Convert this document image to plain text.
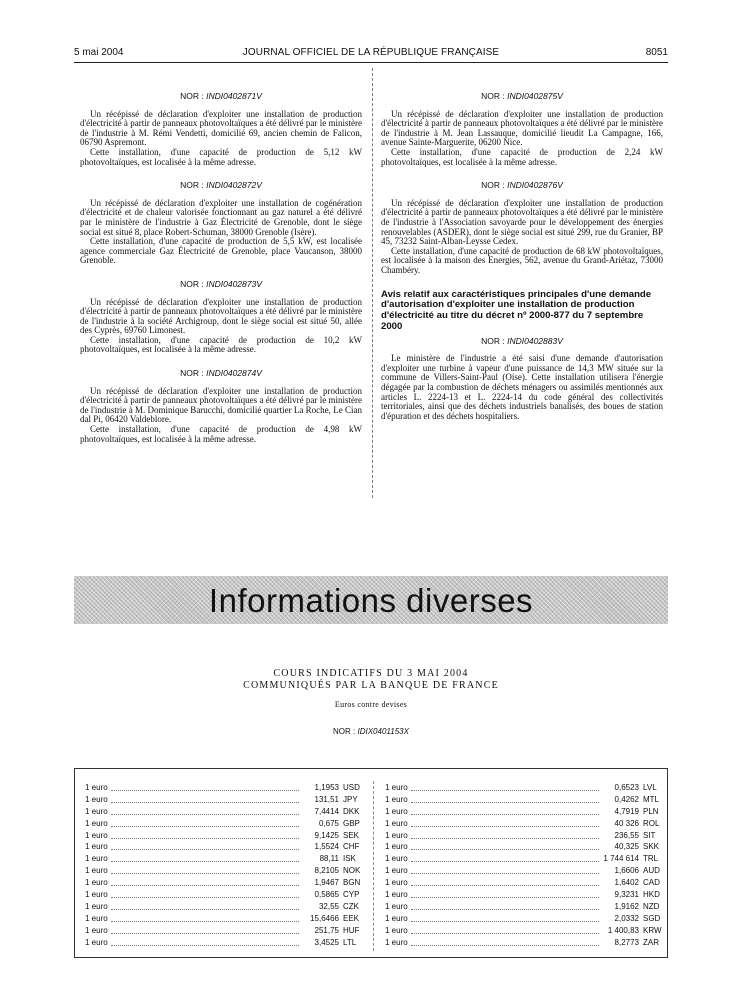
5 mai 2004	JOURNAL OFFICIEL DE LA RÉPUBLIQUE FRANÇAISE	8051
NOR : INDI0402871V

Un récépissé de déclaration d'exploiter une installation de production d'électricité à partir de panneaux photovoltaïques a été délivré par le ministère de l'industrie à M. Rémi Vendetti, domicilié 69, ancien chemin de Falicon, 06790 Aspremont.

Cette installation, d'une capacité de production de 5,12 kW photovoltaïques, est localisée à la même adresse.

NOR : INDI0402872V

Un récépissé de déclaration d'exploiter une installation de cogénération d'électricité et de chaleur valorisée fonctionnant au gaz naturel a été délivré par le ministère de l'industrie à Gaz Électricité de Grenoble, dont le siège social est situé 8, place Robert-Schuman, 38000 Grenoble (Isère).

Cette installation, d'une capacité de production de 5,5 kW, est localisée agence commerciale Gaz Électricité de Grenoble, place Vaucanson, 38000 Grenoble.

NOR : INDI0402873V

Un récépissé de déclaration d'exploiter une installation de production d'électricité à partir de panneaux photovoltaïques a été délivré par le ministère de l'industrie à la société Archigroup, dont le siège social est situé 50, allée des Cyprès, 69760 Limonest.

Cette installation, d'une capacité de production de 10,2 kW photovoltaïques, est localisée à la même adresse.

NOR : INDI0402874V

Un récépissé de déclaration d'exploiter une installation de production d'électricité à partir de panneaux photovoltaïques a été délivré par le ministère de l'industrie à M. Dominique Barucchi, domicilié quartier La Roche, Le Cian dal Pi, 06420 Valdeblore.

Cette installation, d'une capacité de production de 4,98 kW photovoltaïques, est localisée à la même adresse.

NOR : INDI0402875V

Un récépissé de déclaration d'exploiter une installation de production d'électricité à partir de panneaux photovoltaïques a été délivré par le ministère de l'industrie à M. Jean Lassauque, domicilié lieudit La Campagne, 166, avenue Sainte-Marguerite, 06200 Nice.

Cette installation, d'une capacité de production de 2,24 kW photovoltaïques, est localisée à la même adresse.

NOR : INDI0402876V

Un récépissé de déclaration d'exploiter une installation de production d'électricité à partir de panneaux photovoltaïques a été délivré par le ministère de l'industrie à l'Association savoyarde pour le développement des énergies renouvelables (ASDER), dont le siège social est situé 299, rue du Granier, BP 45, 73232 Saint-Alban-Leysse Cedex.

Cette installation, d'une capacité de production de 68 kW photovoltaïques, est localisée à la maison des Energies, 562, avenue du Grand-Ariétaz, 73000 Chambéry.

Avis relatif aux caractéristiques principales d'une demande d'autorisation d'exploiter une installation de production d'électricité au titre du décret nº 2000-877 du 7 septembre 2000

NOR : INDI0402883V

Le ministère de l'industrie a été saisi d'une demande d'autorisation d'exploiter une turbine à vapeur d'une puissance de 14,3 MW située sur la commune de Villers-Saint-Paul (Oise). Cette installation utilisera l'énergie dégagée par la combustion de déchets ménagers ou assimilés mentionnés aux articles L. 2224-13 et L. 2224-14 du code général des collectivités territoriales, ainsi que des déchets industriels banalisés, des boues de station d'épuration et des déchets hospitaliers.

Informations diverses
COURS INDICATIFS DU 3 MAI 2004
COMMUNIQUÉS PAR LA BANQUE DE FRANCE
Euros contre devises
NOR : IDIX0401153X
1 euro	1,1953 USD
1 euro	131,51 JPY
1 euro	7,4414 DKK
1 euro	0,675 GBP
1 euro	9,1425 SEK
1 euro	1,5524 CHF
1 euro	88,11 ISK
1 euro	8,2105 NOK
1 euro	1,9467 BGN
1 euro	0,5865 CYP
1 euro	32,55 CZK
1 euro	15,6466 EEK
1 euro	251,75 HUF
1 euro	3,4525 LTL
1 euro	0,6523 LVL
1 euro	0,4262 MTL
1 euro	4,7919 PLN
1 euro	40 326 ROL
1 euro	236,55 SIT
1 euro	40,325 SKK
1 euro	1 744 614 TRL
1 euro	1,6606 AUD
1 euro	1,6402 CAD
1 euro	9,3231 HKD
1 euro	1,9162 NZD
1 euro	2,0332 SGD
1 euro	1 400,83 KRW
1 euro	8,2773 ZAR
